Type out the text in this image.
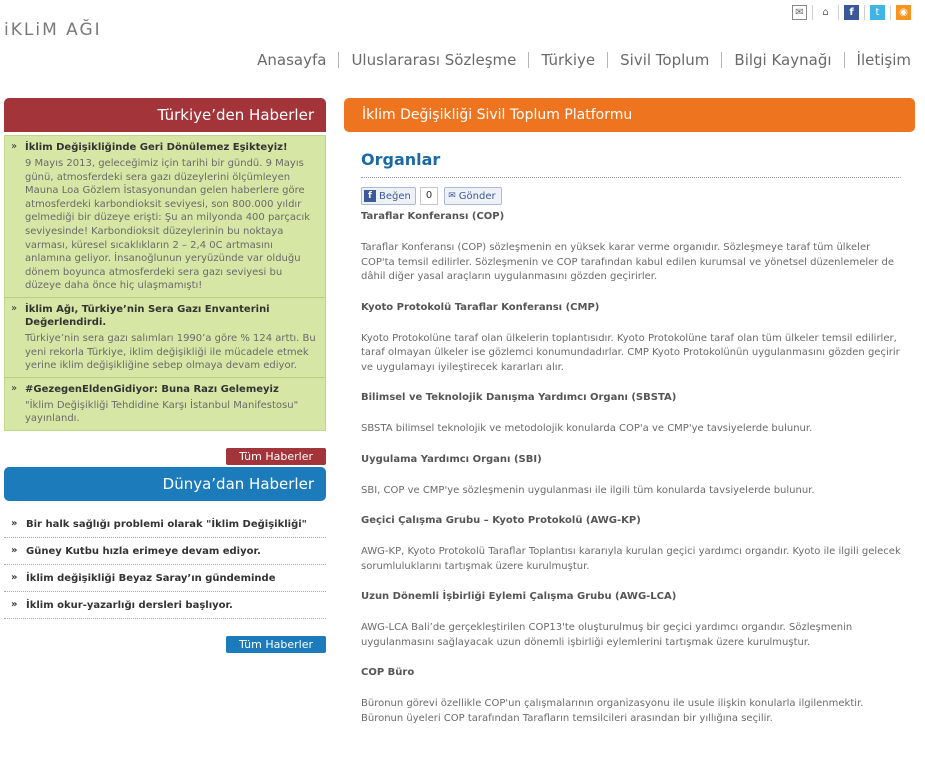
iKLiM AĞI
✉	⌂	f	t	◉
Anasayfa	Uluslararası Sözleşme	Türkiye	Sivil Toplum	Bilgi Kaynağı	İletişim
Türkiye’den Haberler
» İklim Değişikliğinde Geri Dönülemez Eşikteyiz!
9 Mayıs 2013, geleceğimiz için tarihi bir gündü. 9 Mayıs günü, atmosferdeki sera gazı düzeylerini ölçümleyen Mauna Loa Gözlem İstasyonundan gelen haberlere göre atmosferdeki karbondioksit seviyesi, son 800.000 yıldır gelmediği bir düzeye erişti: Şu an milyonda 400 parçacık seviyesinde! Karbondioksit düzeylerinin bu noktaya varması, küresel sıcaklıkların 2 – 2,4 0C artmasını anlamına geliyor. İnsanoğlunun yeryüzünde var olduğu dönem boyunca atmosferdeki sera gazı seviyesi bu düzeye daha önce hiç ulaşmamıştı!
» İklim Ağı, Türkiye’nin Sera Gazı Envanterini Değerlendirdi.
Türkiye’nin sera gazı salımları 1990’a göre % 124 arttı. Bu yeni rekorla Türkiye, iklim değişikliği ile mücadele etmek yerine iklim değişikliğine sebep olmaya devam ediyor.
» #GezegenEldenGidiyor: Buna Razı Gelemeyiz
"İklim Değişikliği Tehdidine Karşı İstanbul Manifestosu" yayınlandı.
Tüm Haberler
Dünya’dan Haberler
» Bir halk sağlığı problemi olarak "İklim Değişikliği"
» Güney Kutbu hızla erimeye devam ediyor.
» İklim değişikliği Beyaz Saray’ın gündeminde
» İklim okur-yazarlığı dersleri başlıyor.
Tüm Haberler
İklim Değişikliği Sivil Toplum Platformu
Organlar
f Beğen	0	✉ Gönder
Taraflar Konferansı (COP)

Taraflar Konferansı (COP) sözleşmenin en yüksek karar verme organıdır. Sözleşmeye taraf tüm ülkeler COP'ta temsil edilirler. Sözleşmenin ve COP tarafından kabul edilen kurumsal ve yönetsel düzenlemeler de dâhil diğer yasal araçların uygulanmasını gözden geçirirler.

Kyoto Protokolü Taraflar Konferansı (CMP)

Kyoto Protokolüne taraf olan ülkelerin toplantısıdır. Kyoto Protokolüne taraf olan tüm ülkeler temsil edilirler, taraf olmayan ülkeler ise gözlemci konumundadırlar. CMP Kyoto Protokolünün uygulanmasını gözden geçirir ve uygulamayı iyileştirecek kararları alır.

Bilimsel ve Teknolojik Danışma Yardımcı Organı (SBSTA)

SBSTA bilimsel teknolojik ve metodolojik konularda COP'a ve CMP'ye tavsiyelerde bulunur.

Uygulama Yardımcı Organı (SBI)

SBI, COP ve CMP'ye sözleşmenin uygulanması ile ilgili tüm konularda tavsiyelerde bulunur.

Geçici Çalışma Grubu – Kyoto Protokolü (AWG-KP)

AWG-KP, Kyoto Protokolü Taraflar Toplantısı kararıyla kurulan geçici yardımcı organdır. Kyoto ile ilgili gelecek sorumluluklarını tartışmak üzere kurulmuştur.

Uzun Dönemli İşbirliği Eylemi Çalışma Grubu (AWG-LCA)

AWG-LCA Bali’de gerçekleştirilen COP13'te oluşturulmuş bir geçici yardımcı organdır. Sözleşmenin uygulanmasını sağlayacak uzun dönemli işbirliği eylemlerini tartışmak üzere kurulmuştur.

COP Büro

Büronun görevi özellikle COP'un çalışmalarının organizasyonu ile usule ilişkin konularla ilgilenmektir. Büronun üyeleri COP tarafından Tarafların temsilcileri arasından bir yıllığına seçilir.
